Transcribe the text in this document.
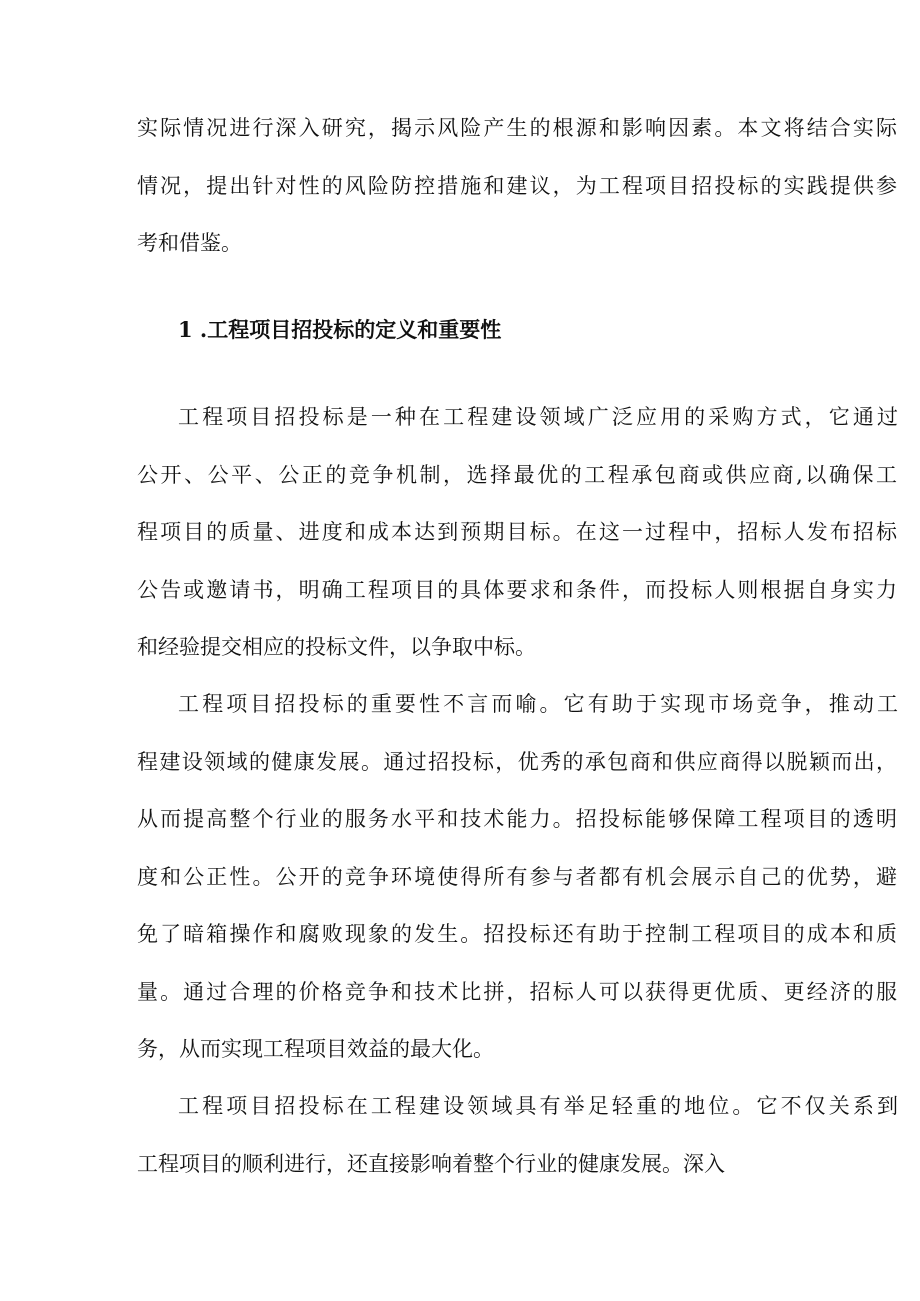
实际情况进行深入研究，揭示风险产生的根源和影响因素。本文将结合实际
情况，提出针对性的风险防控措施和建议，为工程项目招投标的实践提供参
考和借鉴。
1 .工程项目招投标的定义和重要性
工程项目招投标是一种在工程建设领域广泛应用的采购方式，它通过
公开、公平、公正的竞争机制，选择最优的工程承包商或供应商,以确保工
程项目的质量、进度和成本达到预期目标。在这一过程中，招标人发布招标
公告或邀请书，明确工程项目的具体要求和条件，而投标人则根据自身实力
和经验提交相应的投标文件，以争取中标。
工程项目招投标的重要性不言而喻。它有助于实现市场竞争，推动工
程建设领域的健康发展。通过招投标，优秀的承包商和供应商得以脱颖而出，
从而提高整个行业的服务水平和技术能力。招投标能够保障工程项目的透明
度和公正性。公开的竞争环境使得所有参与者都有机会展示自己的优势，避
免了暗箱操作和腐败现象的发生。招投标还有助于控制工程项目的成本和质
量。通过合理的价格竞争和技术比拼，招标人可以获得更优质、更经济的服
务，从而实现工程项目效益的最大化。
工程项目招投标在工程建设领域具有举足轻重的地位。它不仅关系到
工程项目的顺利进行，还直接影响着整个行业的健康发展。深入
